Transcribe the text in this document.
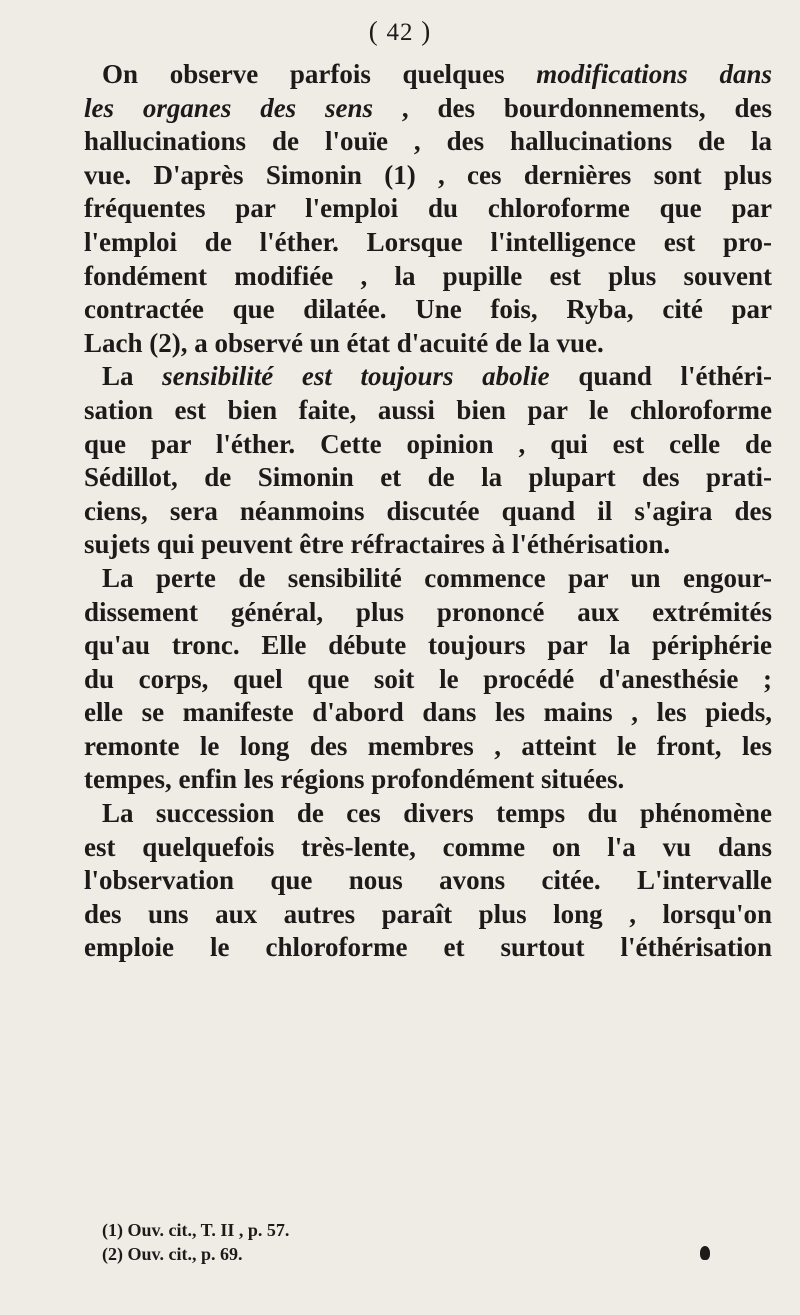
( 42 )
On observe parfois quelques modifications dans
les organes des sens , des bourdonnements, des
hallucinations de l'ouïe , des hallucinations de la
vue. D'après Simonin (1) , ces dernières sont plus
fréquentes par l'emploi du chloroforme que par
l'emploi de l'éther. Lorsque l'intelligence est pro-
fondément modifiée , la pupille est plus souvent
contractée que dilatée. Une fois, Ryba, cité par
Lach (2), a observé un état d'acuité de la vue.
La sensibilité est toujours abolie quand l'éthéri-
sation est bien faite, aussi bien par le chloroforme
que par l'éther. Cette opinion , qui est celle de
Sédillot, de Simonin et de la plupart des prati-
ciens, sera néanmoins discutée quand il s'agira des
sujets qui peuvent être réfractaires à l'éthérisation.
La perte de sensibilité commence par un engour-
dissement général, plus prononcé aux extrémités
qu'au tronc. Elle débute toujours par la périphérie
du corps, quel que soit le procédé d'anesthésie ;
elle se manifeste d'abord dans les mains , les pieds,
remonte le long des membres , atteint le front, les
tempes, enfin les régions profondément situées.
La succession de ces divers temps du phénomène
est quelquefois très-lente, comme on l'a vu dans
l'observation que nous avons citée. L'intervalle
des uns aux autres paraît plus long , lorsqu'on
emploie le chloroforme et surtout l'éthérisation
(1) Ouv. cit., T. II , p. 57.
(2) Ouv. cit., p. 69.
